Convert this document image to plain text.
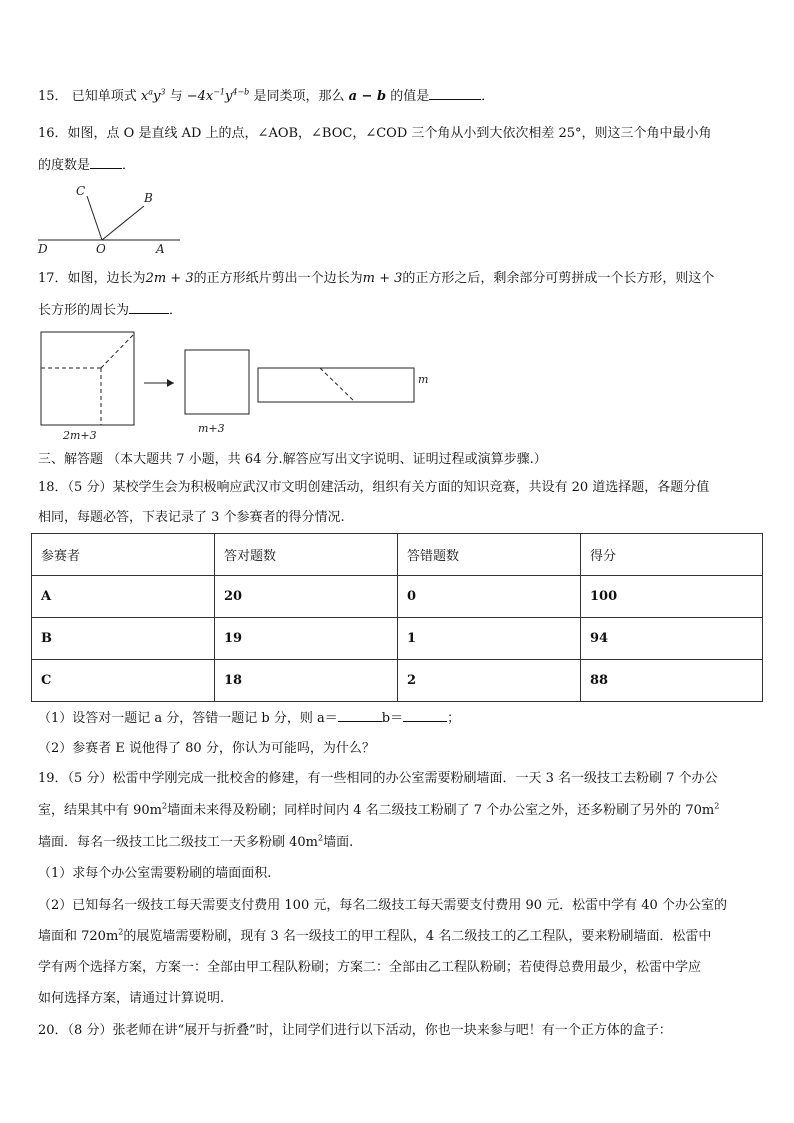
15． 已知单项式 $x^ay^3$ 与 $-4x^{-1}y^{4-b}$ 是同类项，那么 a − b 的值是	．
16．如图，点 O 是直线 AD 上的点，∠AOB，∠BOC，∠COD 三个角从小到大依次相差 25°，则这三个角中最小角
的度数是 ．
C	B
D	O	A
17．如图，边长为2m + 3的正方形纸片剪出一个边长为m + 3的正方形之后，剩余部分可剪拼成一个长方形，则这个
长方形的周长为	．
2m+3
m+3
m
三、解答题 （本大题共 7 小题，共 64 分.解答应写出文字说明、证明过程或演算步骤.）
18．（5 分）某校学生会为积极响应武汉市文明创建活动，组织有关方面的知识竞赛，共设有 20 道选择题，各题分值
相同，每题必答，下表记录了 3 个参赛者的得分情况.
参赛者	答对题数	答错题数	得分
A	20	0	100
B	19	1	94
C	18	2	88
（1）设答对一题记 a 分，答错一题记 b 分，则 a＝	b＝	；
（2）参赛者 E 说他得了 80 分，你认为可能吗，为什么？
19．（5 分）松雷中学刚完成一批校舍的修建，有一些相同的办公室需要粉刷墙面．一天 3 名一级技工去粉刷 7 个办公
室，结果其中有 $90m^2$墙面未来得及粉刷；同样时间内 4 名二级技工粉刷了 7 个办公室之外，还多粉刷了另外的 $70m^2$
墙面．每名一级技工比二级技工一天多粉刷 $40m^2$墙面.
（1）求每个办公室需要粉刷的墙面面积.
（2）已知每名一级技工每天需要支付费用 100 元，每名二级技工每天需要支付费用 90 元．松雷中学有 40 个办公室的
墙面和 $720m^2$的展览墙需要粉刷，现有 3 名一级技工的甲工程队，4 名二级技工的乙工程队，要来粉刷墙面．松雷中
学有两个选择方案，方案一：全部由甲工程队粉刷；方案二：全部由乙工程队粉刷；若使得总费用最少，松雷中学应
如何选择方案，请通过计算说明.
20．（8 分）张老师在讲“展开与折叠”时，让同学们进行以下活动，你也一块来参与吧！有一个正方体的盒子：
